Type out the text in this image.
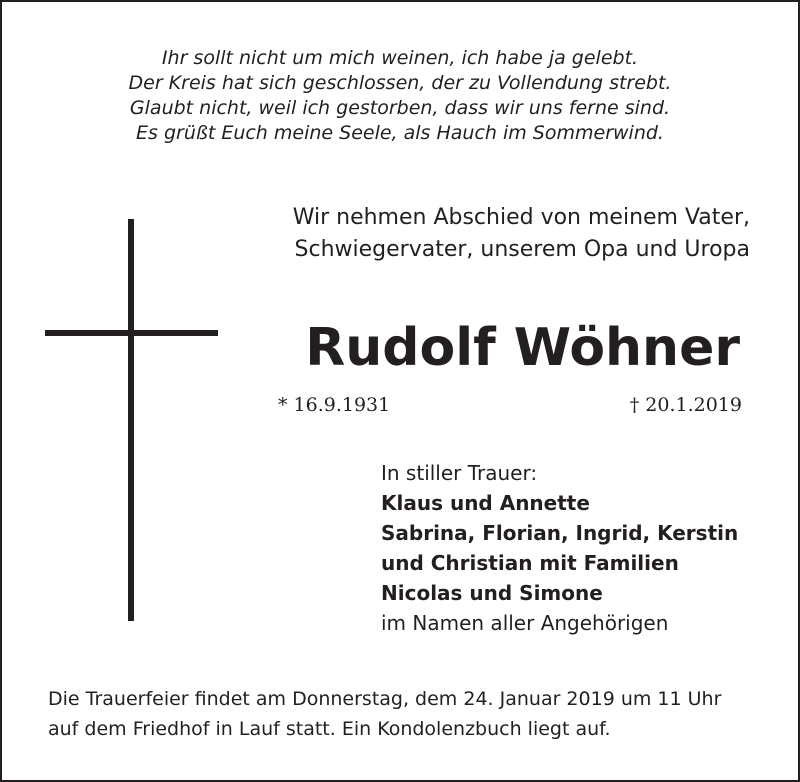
Ihr sollt nicht um mich weinen, ich habe ja gelebt.
Der Kreis hat sich geschlossen, der zu Vollendung strebt.
Glaubt nicht, weil ich gestorben, dass wir uns ferne sind.
Es grüßt Euch meine Seele, als Hauch im Sommerwind.
Wir nehmen Abschied von meinem Vater,
Schwiegervater, unserem Opa und Uropa
Rudolf Wöhner
* 16.9.1931	† 20.1.2019
In stiller Trauer:
Klaus und Annette
Sabrina, Florian, Ingrid, Kerstin
und Christian mit Familien
Nicolas und Simone
im Namen aller Angehörigen
Die Trauerfeier findet am Donnerstag, dem 24. Januar 2019 um 11 Uhr
auf dem Friedhof in Lauf statt. Ein Kondolenzbuch liegt auf.
